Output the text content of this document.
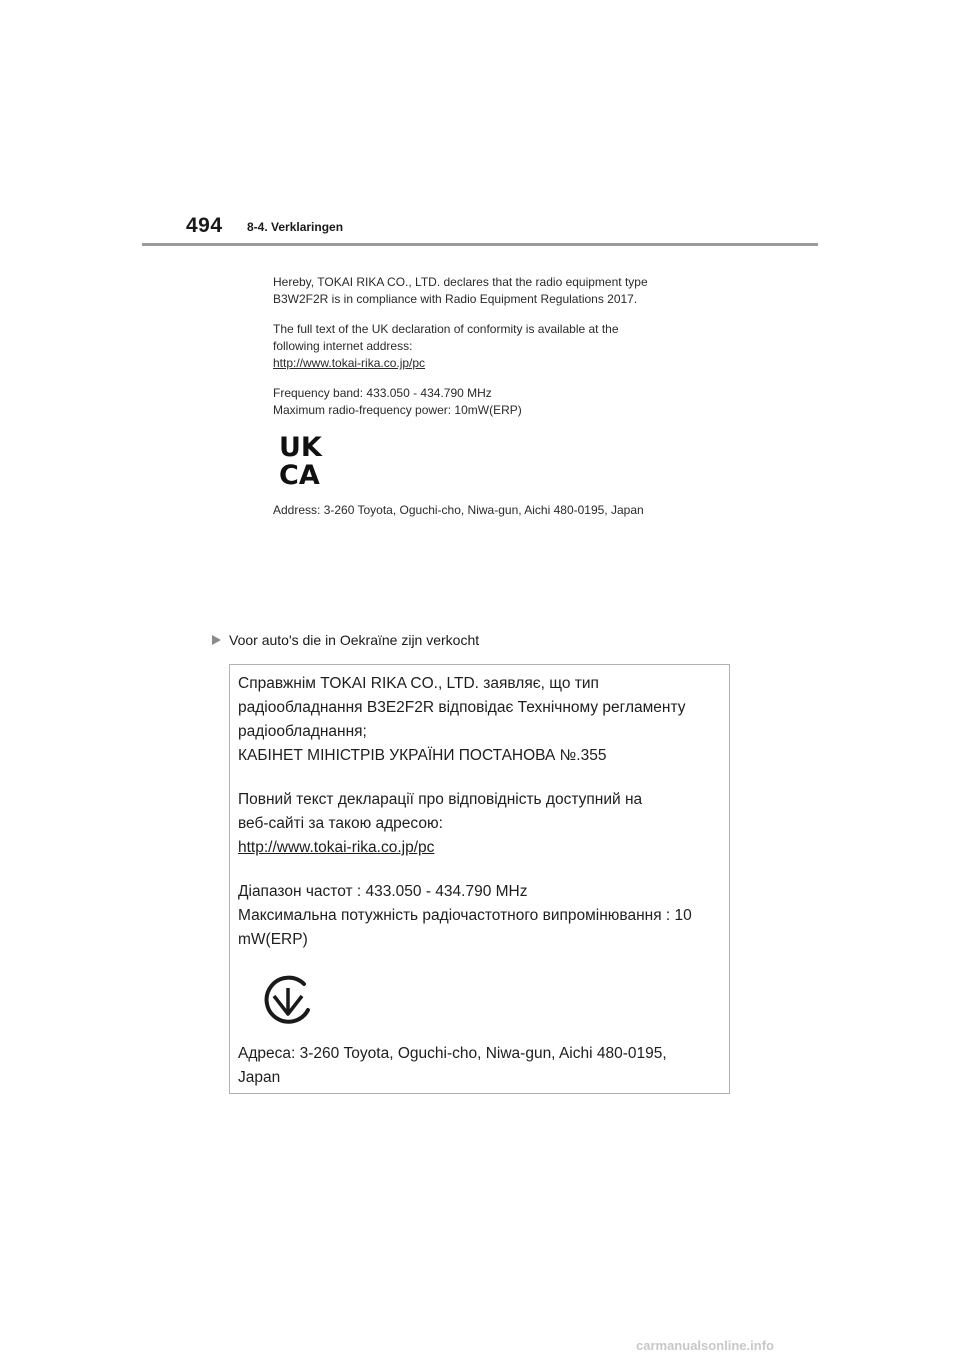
494 8-4. Verklaringen

Hereby, TOKAI RIKA CO., LTD. declares that the radio equipment type
B3W2F2R is in compliance with Radio Equipment Regulations 2017.

The full text of the UK declaration of conformity is available at the
following internet address:
http://www.tokai-rika.co.jp/pc

Frequency band: 433.050 - 434.790 MHz
Maximum radio-frequency power: 10mW(ERP)

UK
CA

Address: 3-260 Toyota, Oguchi-cho, Niwa-gun, Aichi 480-0195, Japan

Voor auto's die in Oekraïne zijn verkocht

Справжнім TOKAI RIKA CO., LTD. заявляє, що тип
радіообладнання B3E2F2R відповідає Технічному регламенту
радіообладнання;
КАБІНЕТ МІНІСТРІВ УКРАЇНИ ПОСТАНОВА №.355

Повний текст декларації про відповідність доступний на
веб-сайті за такою адресою:
http://www.tokai-rika.co.jp/pc

Діапазон частот : 433.050 - 434.790 MHz
Максимальна потужність радіочастотного випромінювання : 10
mW(ERP)

Адреса: 3-260 Toyota, Oguchi-cho, Niwa-gun, Aichi 480-0195,
Japan

carmanualsonline.info
